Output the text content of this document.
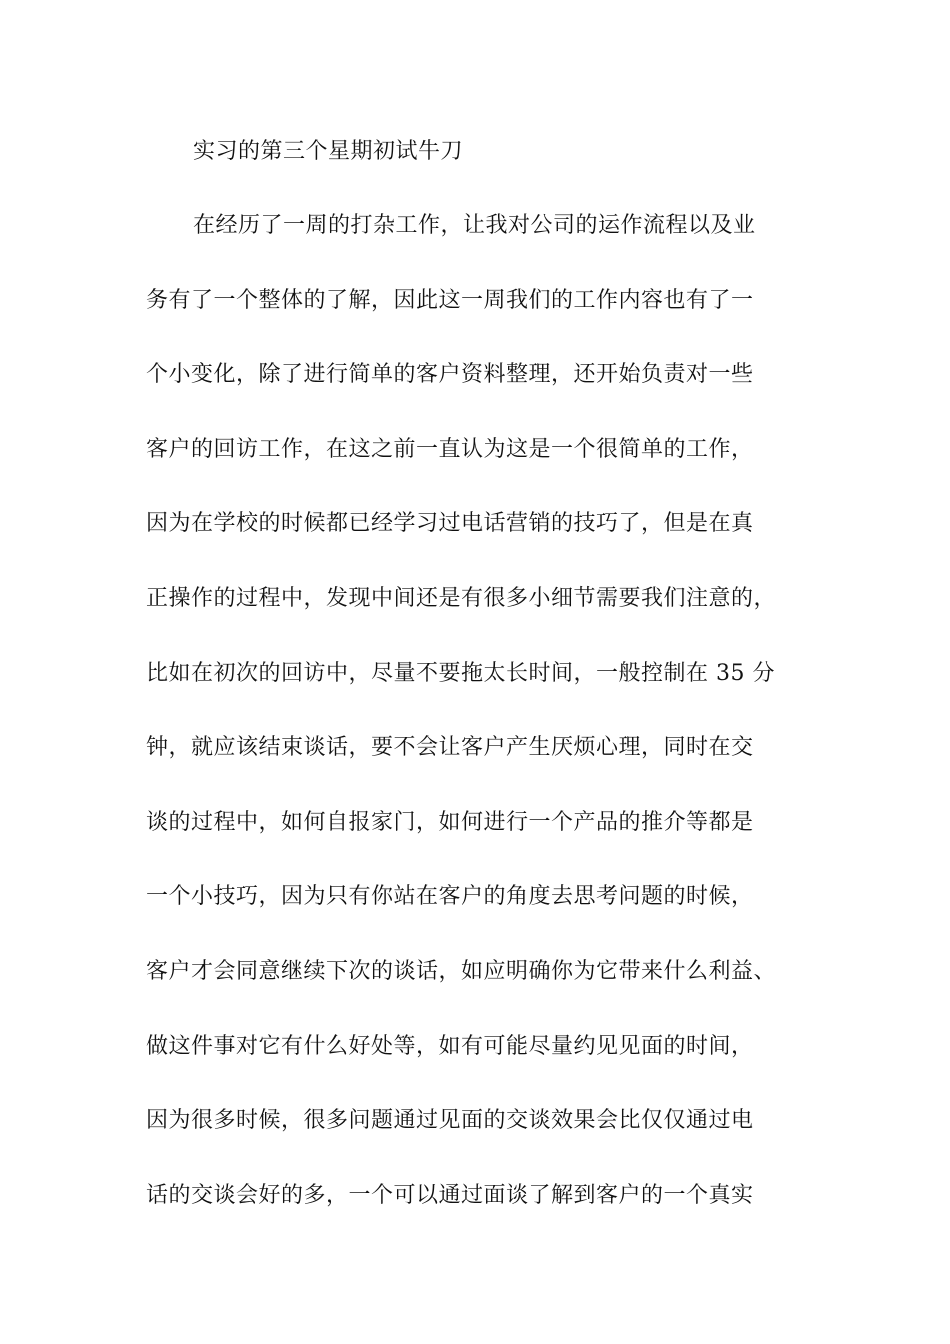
实习的第三个星期初试牛刀
在经历了一周的打杂工作，让我对公司的运作流程以及业
务有了一个整体的了解，因此这一周我们的工作内容也有了一
个小变化，除了进行简单的客户资料整理，还开始负责对一些
客户的回访工作，在这之前一直认为这是一个很简单的工作，
因为在学校的时候都已经学习过电话营销的技巧了，但是在真
正操作的过程中，发现中间还是有很多小细节需要我们注意的，
比如在初次的回访中，尽量不要拖太长时间，一般控制在 35 分
钟，就应该结束谈话，要不会让客户产生厌烦心理，同时在交
谈的过程中，如何自报家门，如何进行一个产品的推介等都是
一个小技巧，因为只有你站在客户的角度去思考问题的时候，
客户才会同意继续下次的谈话，如应明确你为它带来什么利益、
做这件事对它有什么好处等，如有可能尽量约见见面的时间，
因为很多时候，很多问题通过见面的交谈效果会比仅仅通过电
话的交谈会好的多，一个可以通过面谈了解到客户的一个真实
